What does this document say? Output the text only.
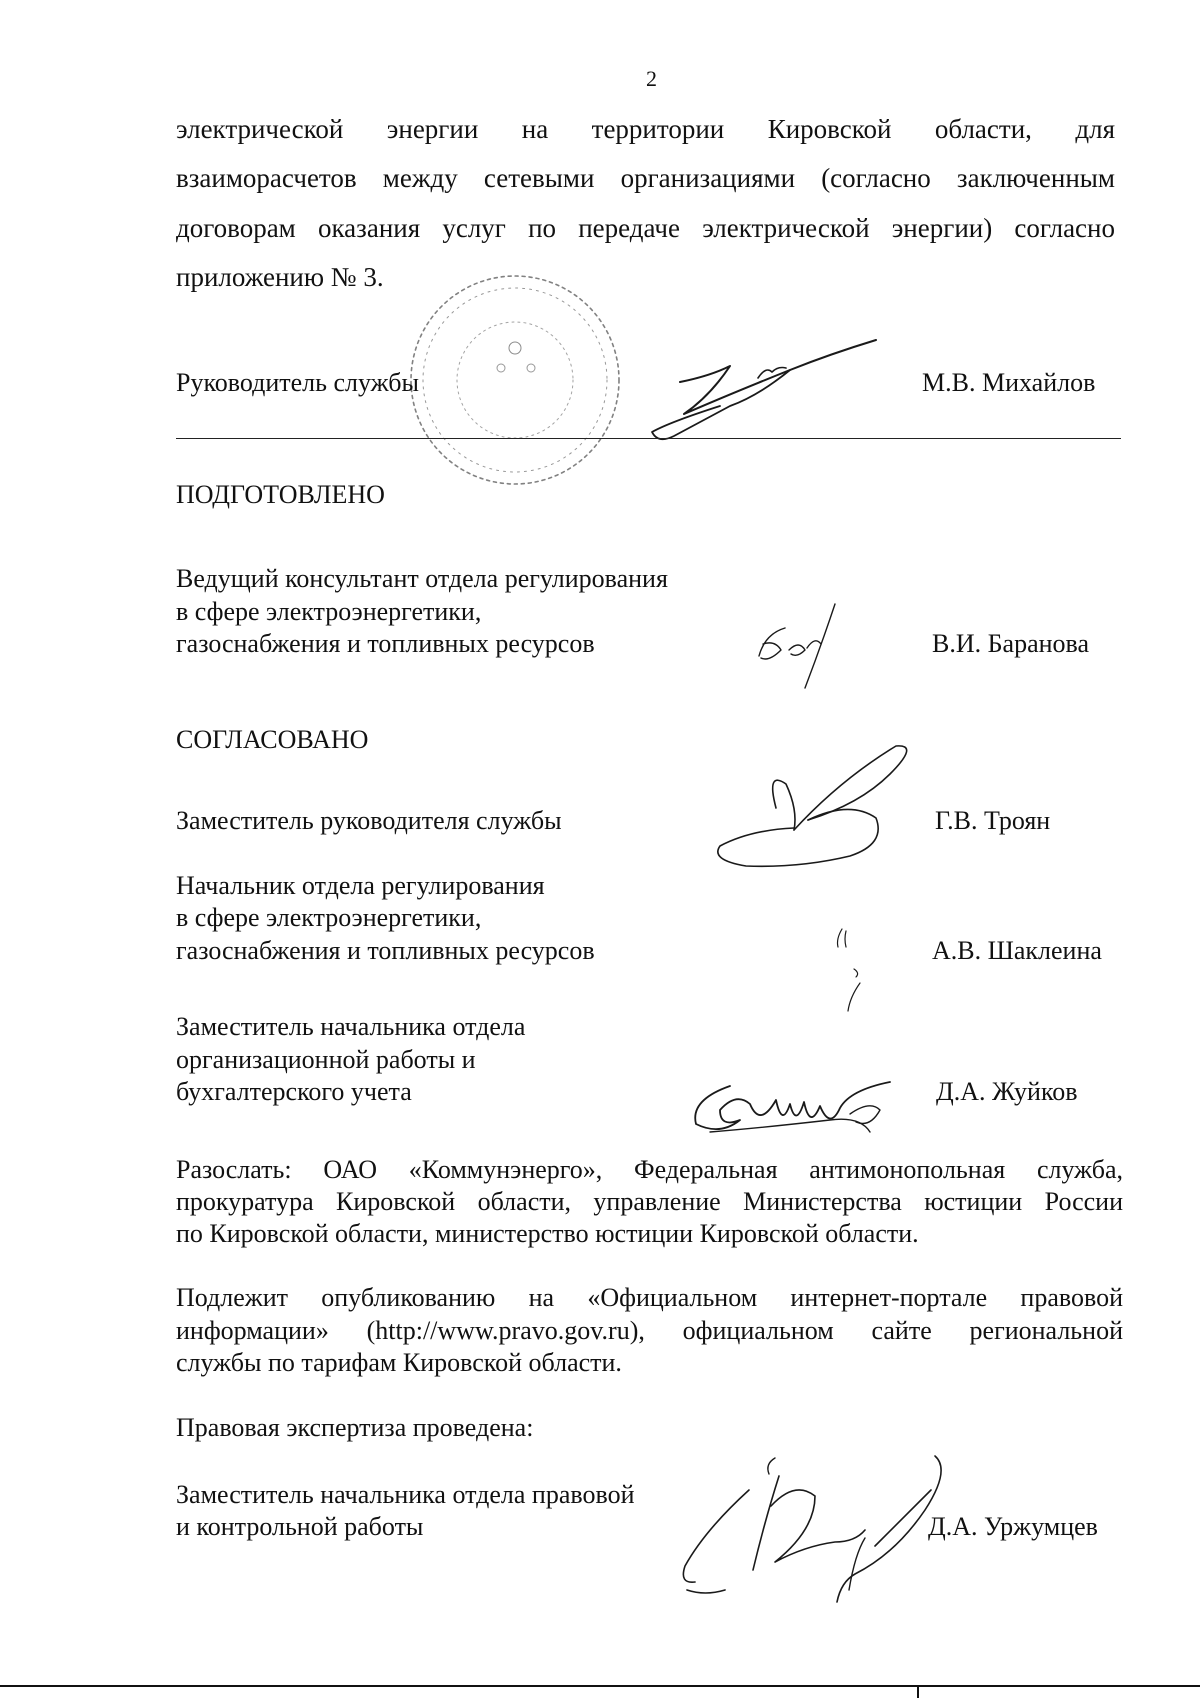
2
электрической энергии на территории Кировской области, для
взаиморасчетов между сетевыми организациями (согласно заключенным
договорам оказания услуг по передаче электрической энергии) согласно
приложению № 3.
Руководитель службы	М.В. Михайлов
ПОДГОТОВЛЕНО
Ведущий консультант отдела регулирования
в сфере электроэнергетики,
газоснабжения и топливных ресурсов	В.И. Баранова
СОГЛАСОВАНО
Заместитель руководителя службы	Г.В. Троян
Начальник отдела регулирования
в сфере электроэнергетики,
газоснабжения и топливных ресурсов	А.В. Шаклеина
Заместитель начальника отдела
организационной работы и
бухгалтерского учета	Д.А. Жуйков
Разослать: ОАО «Коммунэнерго», Федеральная антимонопольная служба,
прокуратура Кировской области, управление Министерства юстиции России
по Кировской области, министерство юстиции Кировской области.
Подлежит опубликованию на «Официальном интернет-портале правовой
информации» (http://www.pravo.gov.ru), официальном сайте региональной
службы по тарифам Кировской области.
Правовая экспертиза проведена:
Заместитель начальника отдела правовой
и контрольной работы	Д.А. Уржумцев
